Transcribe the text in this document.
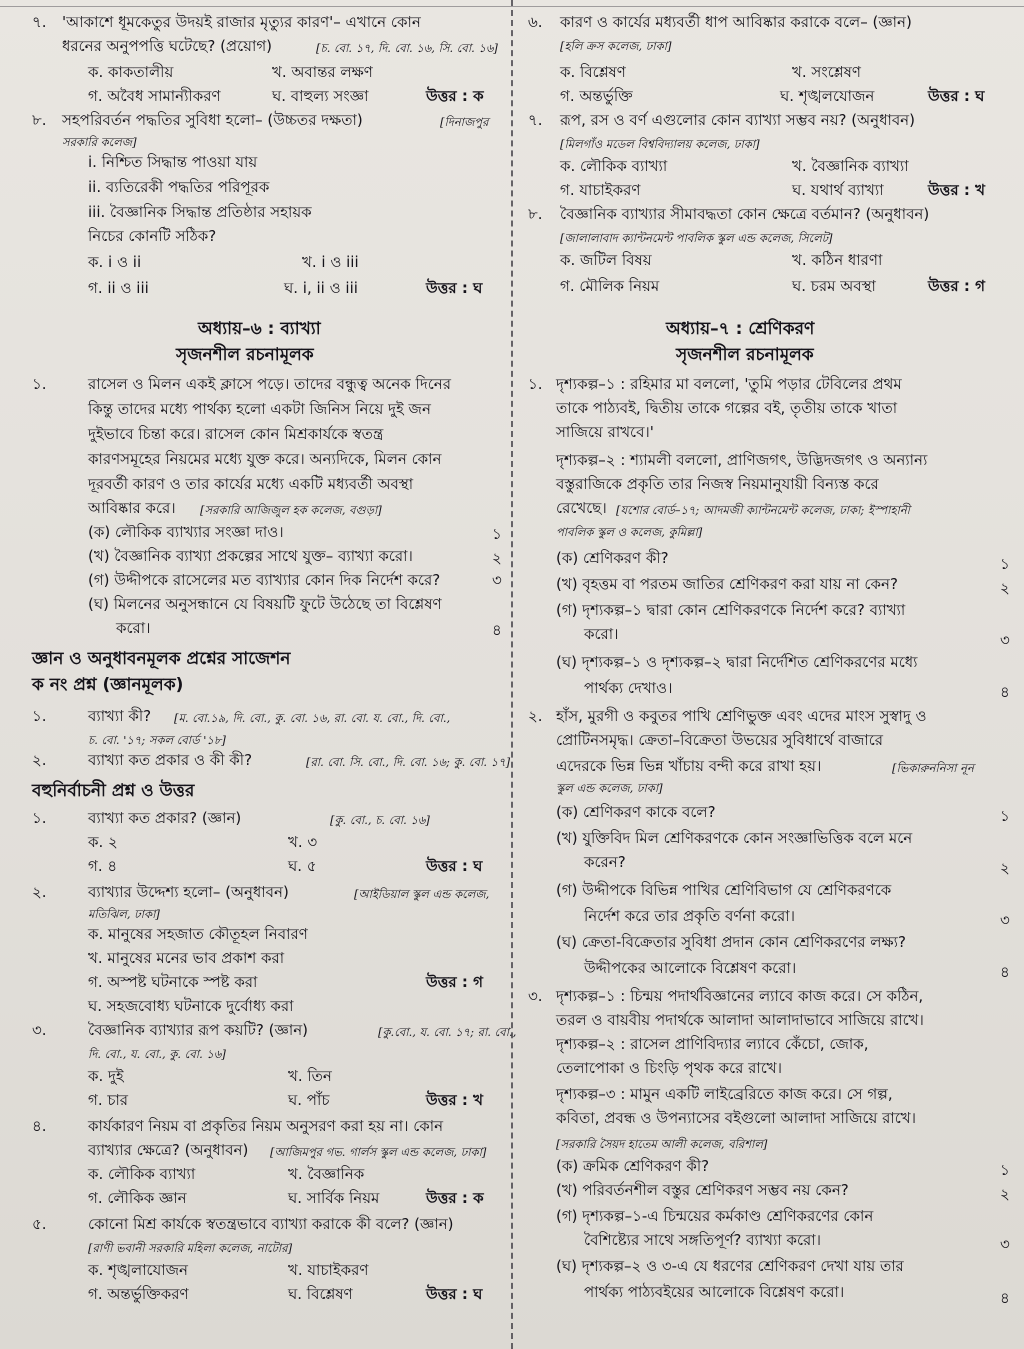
৭. 'আকাশে ধূমকেতুর উদয়ই রাজার মৃত্যুর কারণ'– এখানে কোন
ধরনের অনুপপত্তি ঘটেছে? (প্রয়োগ)	[চ. বো. ১৭, দি. বো. ১৬, সি. বো. ১৬]
ক. কাকতালীয়	খ. অবান্তর লক্ষণ
গ. অবৈধ সামান্যীকরণ	ঘ. বাহুল্য সংজ্ঞা	উত্তর : ক
৮. সহপরিবর্তন পদ্ধতির সুবিধা হলো– (উচ্চতর দক্ষতা)	[দিনাজপুর
সরকারি কলেজ]
i. নিশ্চিত সিদ্ধান্ত পাওয়া যায়
ii. ব্যতিরেকী পদ্ধতির পরিপূরক
iii. বৈজ্ঞানিক সিদ্ধান্ত প্রতিষ্ঠার সহায়ক
নিচের কোনটি সঠিক?
ক. i ও ii	খ. i ও iii
গ. ii ও iii	ঘ. i, ii ও iii	উত্তর : ঘ
অধ্যায়–৬ : ব্যাখ্যা
সৃজনশীল রচনামূলক
১.	রাসেল ও মিলন একই ক্লাসে পড়ে। তাদের বন্ধুত্ব অনেক দিনের
কিন্তু তাদের মধ্যে পার্থক্য হলো একটা জিনিস নিয়ে দুই জন
দুইভাবে চিন্তা করে। রাসেল কোন মিশ্রকার্যকে স্বতন্ত্র
কারণসমূহের নিয়মের মধ্যে যুক্ত করে। অন্যদিকে, মিলন কোন
দূরবর্তী কারণ ও তার কার্যের মধ্যে একটি মধ্যবর্তী অবস্থা
আবিষ্কার করে। [সরকারি আজিজুল হক কলেজ, বগুড়া]
(ক) লৌকিক ব্যাখ্যার সংজ্ঞা দাও।	১
(খ) বৈজ্ঞানিক ব্যাখ্যা প্রকল্পের সাথে যুক্ত– ব্যাখ্যা করো।	২
(গ) উদ্দীপকে রাসেলের মত ব্যাখ্যার কোন দিক নির্দেশ করে?	৩
(ঘ) মিলনের অনুসন্ধানে যে বিষয়টি ফুটে উঠেছে তা বিশ্লেষণ
করো।	৪
জ্ঞান ও অনুধাবনমূলক প্রশ্নের সাজেশন
ক নং প্রশ্ন (জ্ঞানমূলক)
১.	ব্যাখ্যা কী? [ম. বো.১৯, দি. বো., কু. বো. ১৬, রা. বো. য. বো., দি. বো.,
চ. বো. '১৭; সকল বোর্ড '১৮]
২.	ব্যাখ্যা কত প্রকার ও কী কী?	[রা. বো. সি. বো., দি. বো. ১৬; কু. বো. ১৭]
বহুনির্বাচনী প্রশ্ন ও উত্তর
১.	ব্যাখ্যা কত প্রকার? (জ্ঞান)	[কু. বো., চ. বো. ১৬]
ক. ২	খ. ৩
গ. ৪	ঘ. ৫	উত্তর : ঘ
২.	ব্যাখ্যার উদ্দেশ্য হলো– (অনুধাবন)	[আইডিয়াল স্কুল এন্ড কলেজ,
মতিঝিল, ঢাকা]
ক. মানুষের সহজাত কৌতূহল নিবারণ
খ. মানুষের মনের ভাব প্রকাশ করা
গ. অস্পষ্ট ঘটনাকে স্পষ্ট করা	উত্তর : গ
ঘ. সহজবোধ্য ঘটনাকে দুর্বোধ্য করা
৩.	বৈজ্ঞানিক ব্যাখ্যার রূপ কয়টি? (জ্ঞান)	[কু.বো., য. বো. ১৭; রা. বো.,
দি. বো., য. বো., কু. বো. ১৬]
ক. দুই	খ. তিন
গ. চার	ঘ. পাঁচ	উত্তর : খ
৪.	কার্যকারণ নিয়ম বা প্রকৃতির নিয়ম অনুসরণ করা হয় না। কোন
ব্যাখ্যার ক্ষেত্রে? (অনুধাবন) [আজিমপুর গভ. গার্লস স্কুল এন্ড কলেজ, ঢাকা]
ক. লৌকিক ব্যাখ্যা	খ. বৈজ্ঞানিক
গ. লৌকিক জ্ঞান	ঘ. সার্বিক নিয়ম	উত্তর : ক
৫.	কোনো মিশ্র কার্যকে স্বতন্ত্রভাবে ব্যাখ্যা করাকে কী বলে? (জ্ঞান)
[রাণী ভবানী সরকারি মহিলা কলেজ, নাটোর]
ক. শৃঙ্খলাযোজন	খ. যাচাইকরণ
গ. অন্তর্ভুক্তিকরণ	ঘ. বিশ্লেষণ	উত্তর : ঘ
৬. কারণ ও কার্যের মধ্যবর্তী ধাপ আবিষ্কার করাকে বলে– (জ্ঞান)
[হলি ক্রস কলেজ, ঢাকা]
ক. বিশ্লেষণ	খ. সংশ্লেষণ
গ. অন্তর্ভুক্তি	ঘ. শৃঙ্খলযোজন	উত্তর : ঘ
৭. রূপ, রস ও বর্ণ এগুলোর কোন ব্যাখ্যা সম্ভব নয়? (অনুধাবন)
[মিলগাঁও মডেল বিশ্ববিদ্যালয় কলেজ, ঢাকা]
ক. লৌকিক ব্যাখ্যা	খ. বৈজ্ঞানিক ব্যাখ্যা
গ. যাচাইকরণ	ঘ. যথার্থ ব্যাখ্যা	উত্তর : খ
৮. বৈজ্ঞানিক ব্যাখ্যার সীমাবদ্ধতা কোন ক্ষেত্রে বর্তমান? (অনুধাবন)
[জালালাবাদ ক্যান্টনমেন্ট পাবলিক স্কুল এন্ড কলেজ, সিলেট]
ক. জটিল বিষয়	খ. কঠিন ধারণা
গ. মৌলিক নিয়ম	ঘ. চরম অবস্থা	উত্তর : গ
অধ্যায়–৭ : শ্রেণিকরণ
সৃজনশীল রচনামূলক
১. দৃশ্যকল্প–১ : রহিমার মা বললো, 'তুমি পড়ার টেবিলের প্রথম
তাকে পাঠ্যবই, দ্বিতীয় তাকে গল্পের বই, তৃতীয় তাকে খাতা
সাজিয়ে রাখবে।'
দৃশ্যকল্প–২ : শ্যামলী বললো, প্রাণিজগৎ, উদ্ভিদজগৎ ও অন্যান্য
বস্তুরাজিকে প্রকৃতি তার নিজস্ব নিয়মানুযায়ী বিন্যস্ত করে
রেখেছে। [যশোর বোর্ড–১৭; আদমজী ক্যান্টনমেন্ট কলেজ, ঢাকা; ইস্পাহানী
পাবলিক স্কুল ও কলেজ, কুমিল্লা]
(ক) শ্রেণিকরণ কী?	১
(খ) বৃহত্তম বা পরতম জাতির শ্রেণিকরণ করা যায় না কেন?	২
(গ) দৃশ্যকল্প–১ দ্বারা কোন শ্রেণিকরণকে নির্দেশ করে? ব্যাখ্যা
করো।	৩
(ঘ) দৃশ্যকল্প–১ ও দৃশ্যকল্প–২ দ্বারা নির্দেশিত শ্রেণিকরণের মধ্যে
পার্থক্য দেখাও।	৪
২. হাঁস, মুরগী ও কবুতর পাখি শ্রেণিভুক্ত এবং এদের মাংস সুস্বাদু ও
প্রোটিনসমৃদ্ধ। ক্রেতা–বিক্রেতা উভয়ের সুবিধার্থে বাজারে
এদেরকে ভিন্ন ভিন্ন খাঁচায় বন্দী করে রাখা হয়।	[ভিকারুননিসা নূন
স্কুল এন্ড কলেজ, ঢাকা]
(ক) শ্রেণিকরণ কাকে বলে?	১
(খ) যুক্তিবিদ মিল শ্রেণিকরণকে কোন সংজ্ঞাভিত্তিক বলে মনে
করেন?	২
(গ) উদ্দীপকে বিভিন্ন পাখির শ্রেণিবিভাগ যে শ্রেণিকরণকে
নির্দেশ করে তার প্রকৃতি বর্ণনা করো।	৩
(ঘ) ক্রেতা-বিক্রেতার সুবিধা প্রদান কোন শ্রেণিকরণের লক্ষ্য?
উদ্দীপকের আলোকে বিশ্লেষণ করো।	৪
৩. দৃশ্যকল্প–১ : চিন্ময় পদার্থবিজ্ঞানের ল্যাবে কাজ করে। সে কঠিন,
তরল ও বায়বীয় পদার্থকে আলাদা আলাদাভাবে সাজিয়ে রাখে।
দৃশ্যকল্প–২ : রাসেল প্রাণিবিদ্যার ল্যাবে কেঁচো, জোক,
তেলাপোকা ও চিংড়ি পৃথক করে রাখে।
দৃশ্যকল্প–৩ : মামুন একটি লাইব্রেরিতে কাজ করে। সে গল্প,
কবিতা, প্রবন্ধ ও উপন্যাসের বইগুলো আলাদা সাজিয়ে রাখে।
[সরকারি সৈয়দ হাতেম আলী কলেজ, বরিশাল]
(ক) ক্রমিক শ্রেণিকরণ কী?	১
(খ) পরিবর্তনশীল বস্তুর শ্রেণিকরণ সম্ভব নয় কেন?	২
(গ) দৃশ্যকল্প–১-এ চিন্ময়ের কর্মকাণ্ড শ্রেণিকরণের কোন
বৈশিষ্ট্যের সাথে সঙ্গতিপূর্ণ? ব্যাখ্যা করো।	৩
(ঘ) দৃশ্যকল্প–২ ও ৩-এ যে ধরণের শ্রেণিকরণ দেখা যায় তার
পার্থক্য পাঠ্যবইয়ের আলোকে বিশ্লেষণ করো।	৪
